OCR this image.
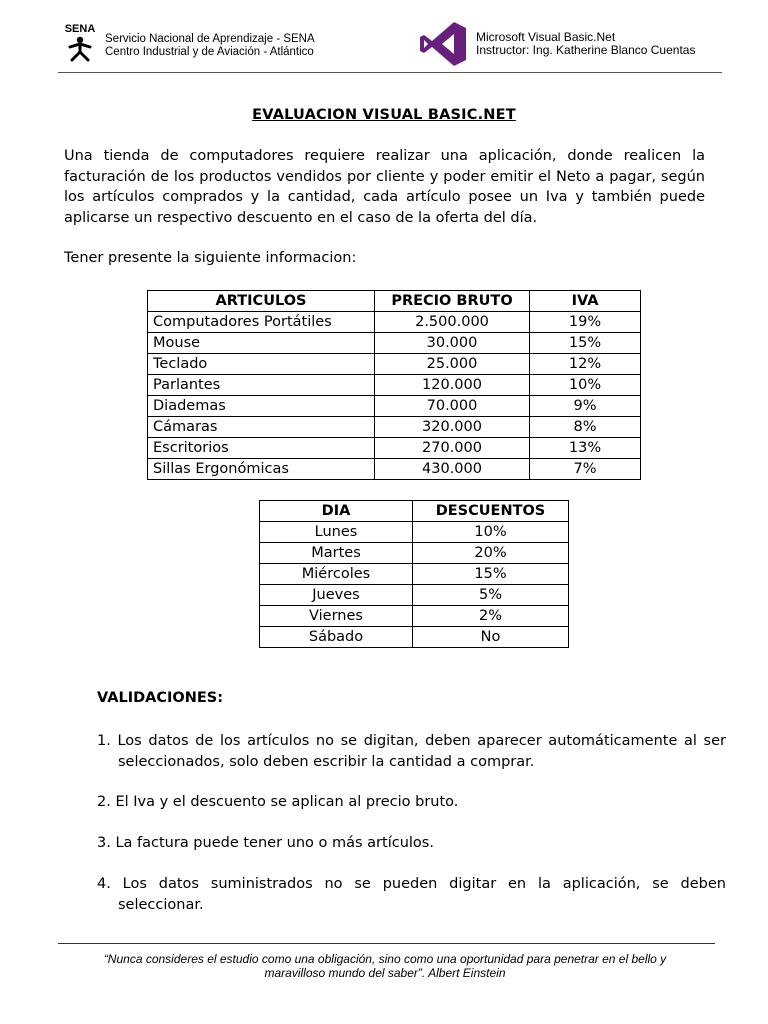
SENA
Servicio Nacional de Aprendizaje - SENA
Centro Industrial y de Aviación - Atlántico
Microsoft Visual Basic.Net
Instructor: Ing. Katherine Blanco Cuentas
EVALUACION VISUAL BASIC.NET
Una tienda de computadores requiere realizar una aplicación, donde realicen la facturación de los productos vendidos por cliente y poder emitir el Neto a pagar, según los artículos comprados y la cantidad, cada artículo posee un Iva y también puede aplicarse un respectivo descuento en el caso de la oferta del día.
Tener presente la siguiente informacion:
ARTICULOS	PRECIO BRUTO	IVA
Computadores Portátiles	2.500.000	19%
Mouse	30.000	15%
Teclado	25.000	12%
Parlantes	120.000	10%
Diademas	70.000	9%
Cámaras	320.000	8%
Escritorios	270.000	13%
Sillas Ergonómicas	430.000	7%
DIA	DESCUENTOS
Lunes	10%
Martes	20%
Miércoles	15%
Jueves	5%
Viernes	2%
Sábado	No
VALIDACIONES:
1. Los datos de los artículos no se digitan, deben aparecer automáticamente al ser seleccionados, solo deben escribir la cantidad a comprar.
2. El Iva y el descuento se aplican al precio bruto.
3. La factura puede tener uno o más artículos.
4. Los datos suministrados no se pueden digitar en la aplicación, se deben seleccionar.
“Nunca consideres el estudio como una obligación, sino como una oportunidad para penetrar en el bello y
maravilloso mundo del saber”. Albert Einstein
